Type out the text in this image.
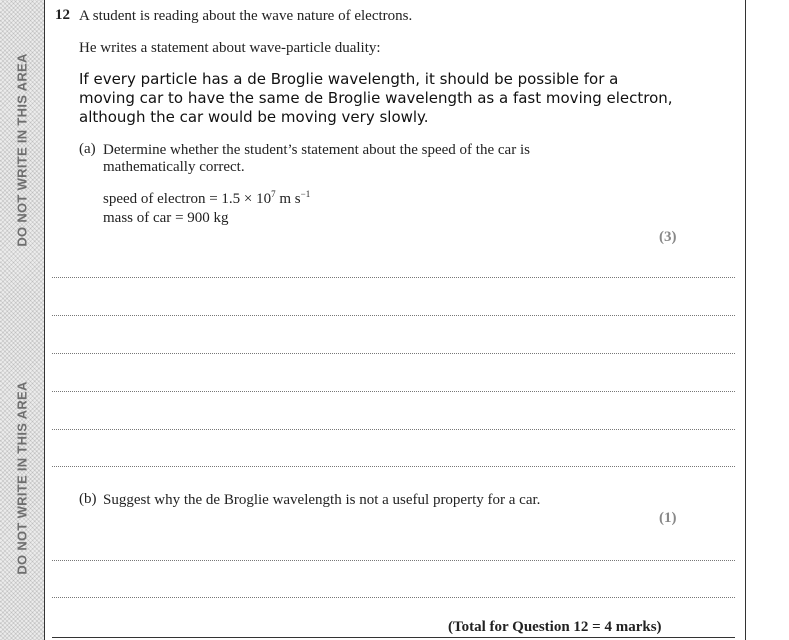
DO NOT WRITE IN THIS AREA
DO NOT WRITE IN THIS AREA
12 A student is reading about the wave nature of electrons.
He writes a statement about wave-particle duality:
If every particle has a de Broglie wavelength, it should be possible for a
moving car to have the same de Broglie wavelength as a fast moving electron,
although the car would be moving very slowly.
(a) Determine whether the student’s statement about the speed of the car is
mathematically correct.
speed of electron = $1.5 \times 10^7$ m $s^{-1}$
mass of car = 900 kg
(3)
(b) Suggest why the de Broglie wavelength is not a useful property for a car.
(1)
(Total for Question 12 = 4 marks)
